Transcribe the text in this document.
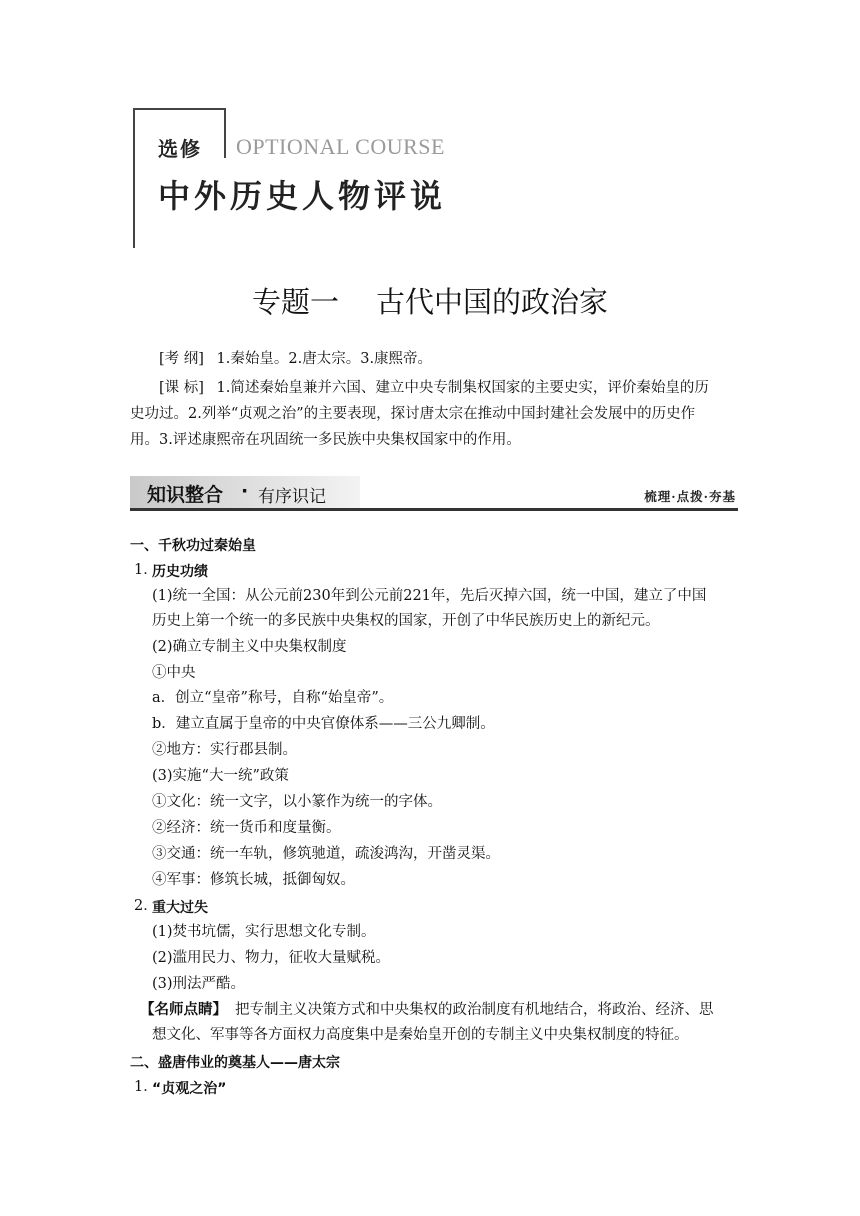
选修 OPTIONAL COURSE
中外历史人物评说
专题一 古代中国的政治家
[考 纲] 1.秦始皇。2.唐太宗。3.康熙帝。
[课 标] 1.简述秦始皇兼并六国、建立中央专制集权国家的主要史实，评价秦始皇的历
史功过。2.列举“贞观之治”的主要表现，探讨唐太宗在推动中国封建社会发展中的历史作
用。3.评述康熙帝在巩固统一多民族中央集权国家中的作用。
知识整合 · 有序识记	梳理·点拨·夯基
一、千秋功过秦始皇
1．
历史功绩
(1)统一全国：从公元前230年到公元前221年，先后灭掉六国，统一中国，建立了中国
历史上第一个统一的多民族中央集权的国家，开创了中华民族历史上的新纪元。
(2)确立专制主义中央集权制度
①中央
a．创立“皇帝”称号，自称“始皇帝”。
b．建立直属于皇帝的中央官僚体系——三公九卿制。
②地方：实行郡县制。
(3)实施“大一统”政策
①文化：统一文字，以小篆作为统一的字体。
②经济：统一货币和度量衡。
③交通：统一车轨，修筑驰道，疏浚鸿沟，开凿灵渠。
④军事：修筑长城，抵御匈奴。
2．
重大过失
(1)焚书坑儒，实行思想文化专制。
(2)滥用民力、物力，征收大量赋税。
(3)刑法严酷。
【名师点睛】 把专制主义决策方式和中央集权的政治制度有机地结合，将政治、经济、思
想文化、军事等各方面权力高度集中是秦始皇开创的专制主义中央集权制度的特征。
二、盛唐伟业的奠基人——唐太宗
1．
“贞观之治”
